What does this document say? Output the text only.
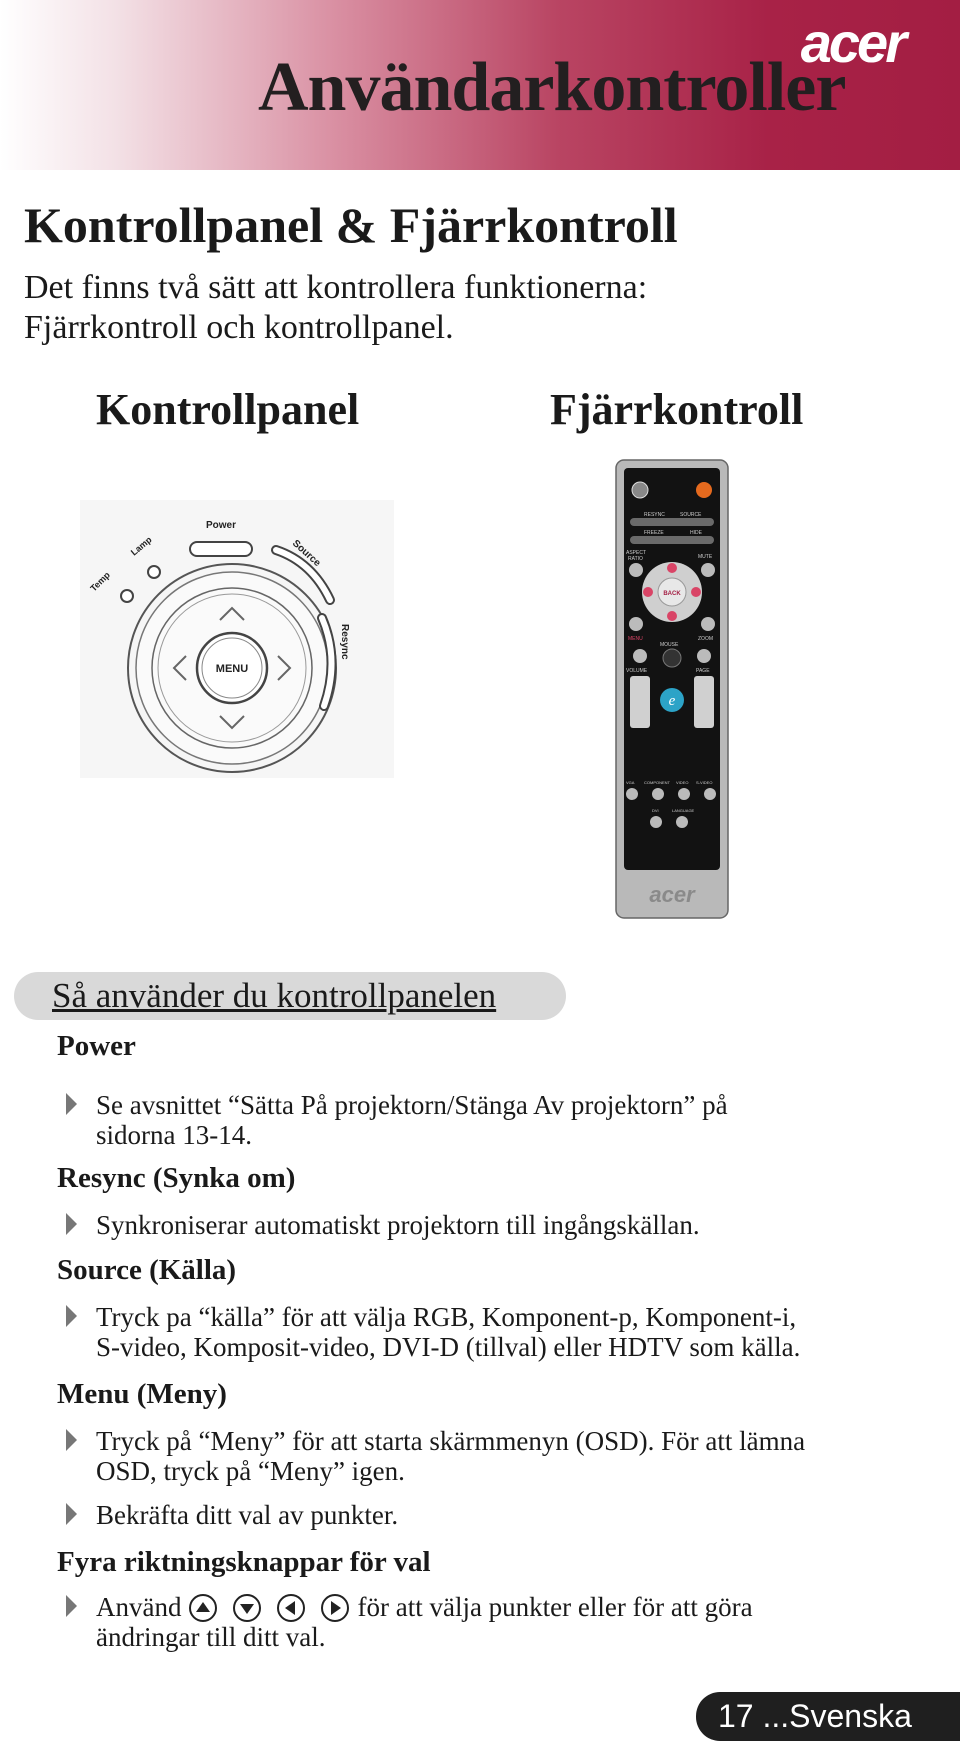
acer
Användarkontroller
Kontrollpanel & Fjärrkontroll
Det finns två sätt att kontrollera funktionerna:
Fjärrkontroll och kontrollpanel.
Kontrollpanel	Fjärrkontroll
MENU
Power
Lamp
Temp
Source
Resync
RESYNC	SOURCE
FREEZE	HIDE
ASPECT
RATIO	MUTE
BACK
MENU	ZOOM
MOUSE
VOLUME	PAGE
e
VGA COMPONENT VIDEO S-VIDEO
DVI	LANGUAGE
acer
Så använder du kontrollpanelen
Power
Se avsnittet “Sätta På projektorn/Stänga Av projektorn” på
sidorna 13-14.
Resync (Synka om)
Synkroniserar automatiskt projektorn till ingångskällan.
Source (Källa)
Tryck pa “källa” för att välja RGB, Komponent-p, Komponent-i,
S-video, Komposit-video, DVI-D (tillval) eller HDTV som källa.
Menu (Meny)
Tryck på “Meny” för att starta skärmmenyn (OSD). För att lämna
OSD, tryck på “Meny” igen.
Bekräfta ditt val av punkter.
Fyra riktningsknappar för val
Använd	för att välja punkter eller för att göra
ändringar till ditt val.
17 ...Svenska
